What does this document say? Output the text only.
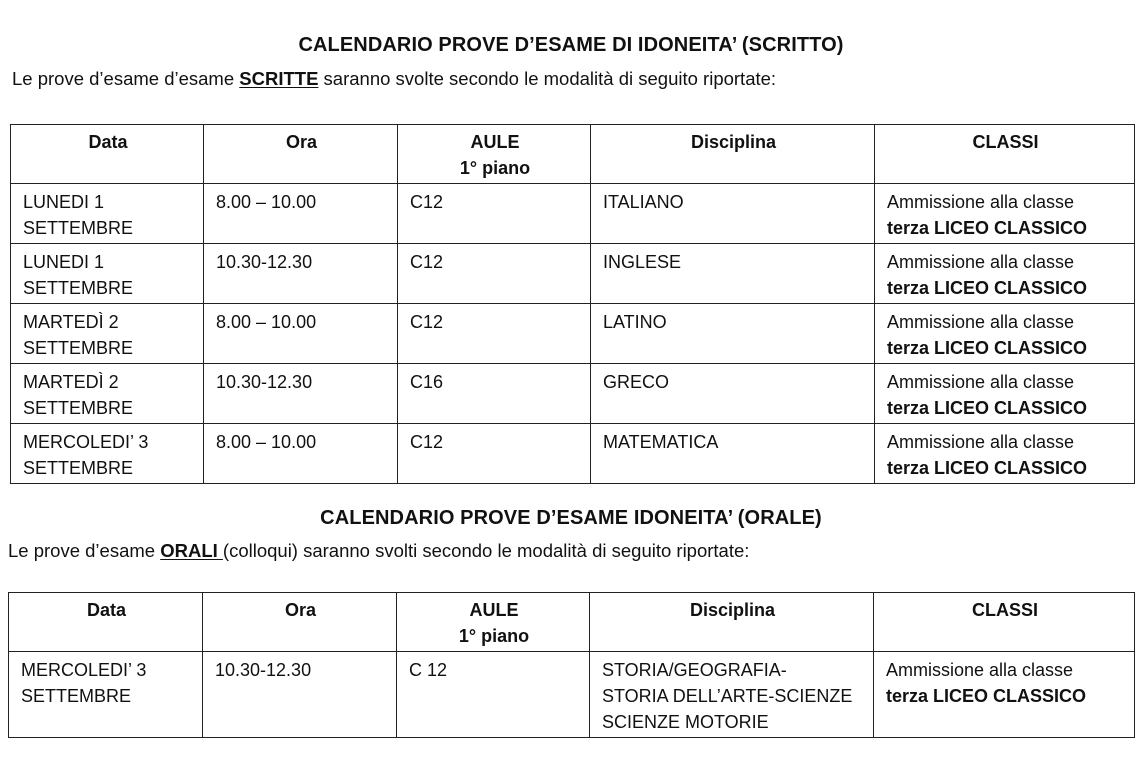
CALENDARIO PROVE D’ESAME DI IDONEITA’ (SCRITTO)
Le prove d’esame d’esame SCRITTE saranno svolte secondo le modalità di seguito riportate:
Data	Ora	AULE
1° piano	Disciplina	CLASSI

LUNEDI 1
SETTEMBRE	8.00 – 10.00	C12	ITALIANO	Ammissione alla classe
terza LICEO CLASSICO

LUNEDI 1
SETTEMBRE	10.30-12.30	C12	INGLESE	Ammissione alla classe
terza LICEO CLASSICO

MARTEDÌ 2
SETTEMBRE	8.00 – 10.00	C12	LATINO	Ammissione alla classe
terza LICEO CLASSICO

MARTEDÌ 2
SETTEMBRE	10.30-12.30	C16	GRECO	Ammissione alla classe
terza LICEO CLASSICO

MERCOLEDI’ 3
SETTEMBRE	8.00 – 10.00	C12	MATEMATICA	Ammissione alla classe
terza LICEO CLASSICO
CALENDARIO PROVE D’ESAME IDONEITA’ (ORALE)
Le prove d’esame ORALI (colloqui) saranno svolti secondo le modalità di seguito riportate:
Data	Ora	AULE
1° piano	Disciplina	CLASSI

MERCOLEDI’ 3
SETTEMBRE	10.30-12.30	C 12	STORIA/GEOGRAFIA-
STORIA DELL’ARTE-SCIENZE
SCIENZE MOTORIE	Ammissione alla classe
terza LICEO CLASSICO
